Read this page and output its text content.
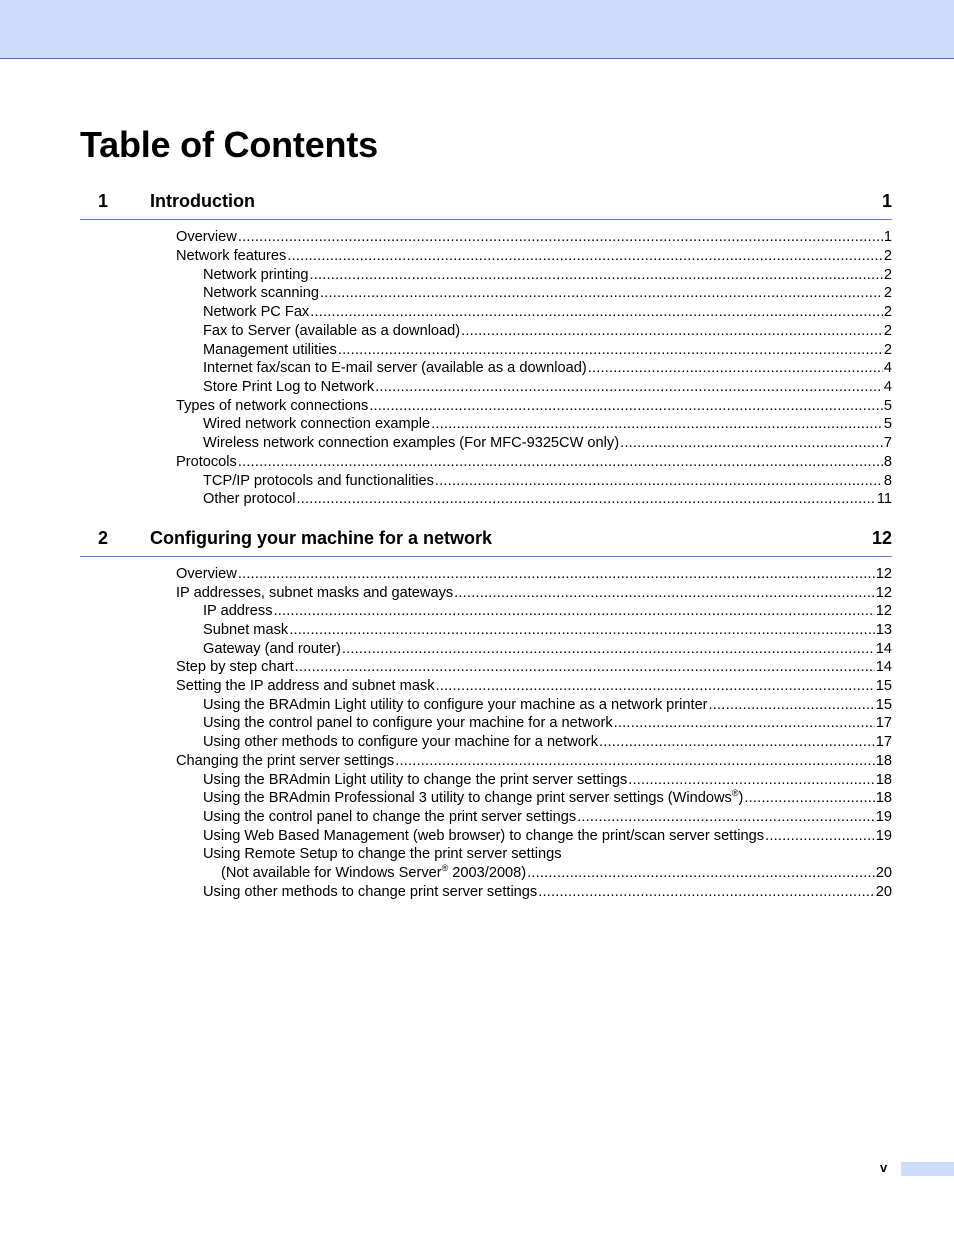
Table of Contents
1 Introduction	1
Overview .....	1
Network features .....	2
Network printing .....	2
Network scanning .....	2
Network PC Fax .....	2
Fax to Server (available as a download) .....	2
Management utilities .....	2
Internet fax/scan to E-mail server (available as a download) .....	4
Store Print Log to Network .....	4
Types of network connections .....	5
Wired network connection example .....	5
Wireless network connection examples (For MFC-9325CW only) .....	7
Protocols .....	8
TCP/IP protocols and functionalities .....	8
Other protocol .....	11
2 Configuring your machine for a network	12
Overview .....	12
IP addresses, subnet masks and gateways .....	12
IP address .....	12
Subnet mask .....	13
Gateway (and router) .....	14
Step by step chart .....	14
Setting the IP address and subnet mask .....	15
Using the BRAdmin Light utility to configure your machine as a network printer .....	15
Using the control panel to configure your machine for a network .....	17
Using other methods to configure your machine for a network .....	17
Changing the print server settings .....	18
Using the BRAdmin Light utility to change the print server settings .....	18
Using the BRAdmin Professional 3 utility to change print server settings (Windows®) .....	18
Using the control panel to change the print server settings .....	19
Using Web Based Management (web browser) to change the print/scan server settings .....	19
Using Remote Setup to change the print server settings
(Not available for Windows Server® 2003/2008) .....	20
Using other methods to change print server settings .....	20
v
